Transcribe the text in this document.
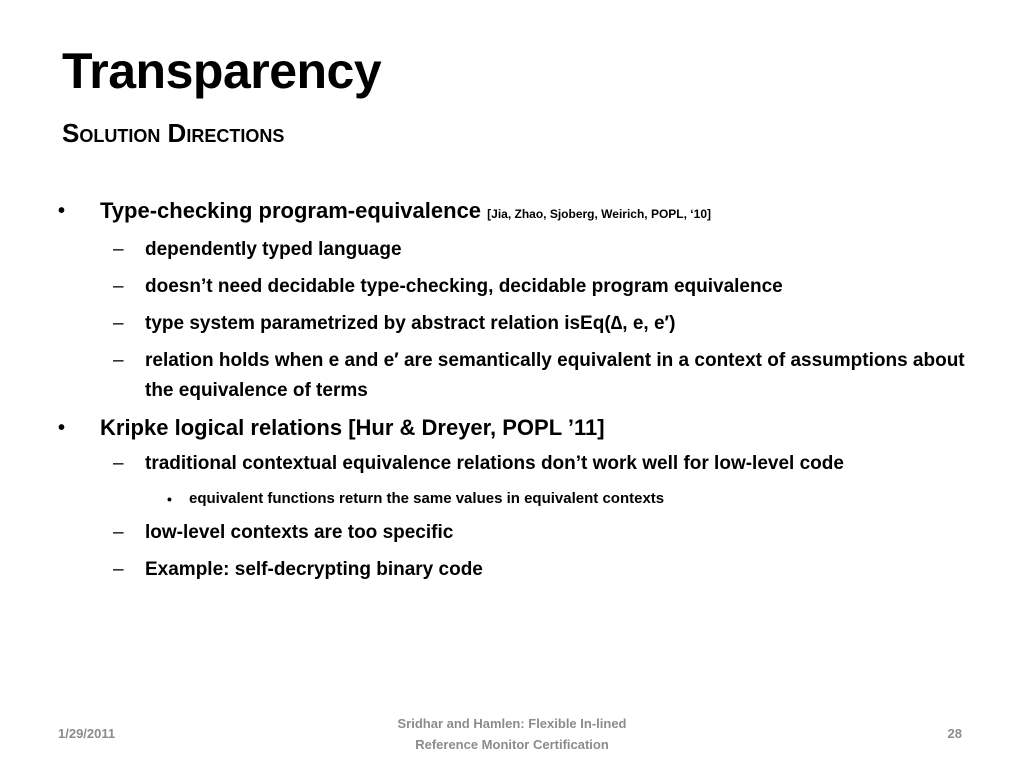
Transparency
Solution Directions
• Type-checking program-equivalence [Jia, Zhao, Sjoberg, Weirich, POPL, ‘10]
– dependently typed language
– doesn’t need decidable type-checking, decidable program equivalence
– type system parametrized by abstract relation isEq(∆, e, e′)
– relation holds when e and e′ are semantically equivalent in a context of assumptions about the equivalence of terms
• Kripke logical relations [Hur & Dreyer, POPL ’11]
– traditional contextual equivalence relations don’t work well for low-level code
• equivalent functions return the same values in equivalent contexts
– low-level contexts are too specific
– Example: self-decrypting binary code
1/29/2011
Sridhar and Hamlen: Flexible In-lined
Reference Monitor Certification
28
